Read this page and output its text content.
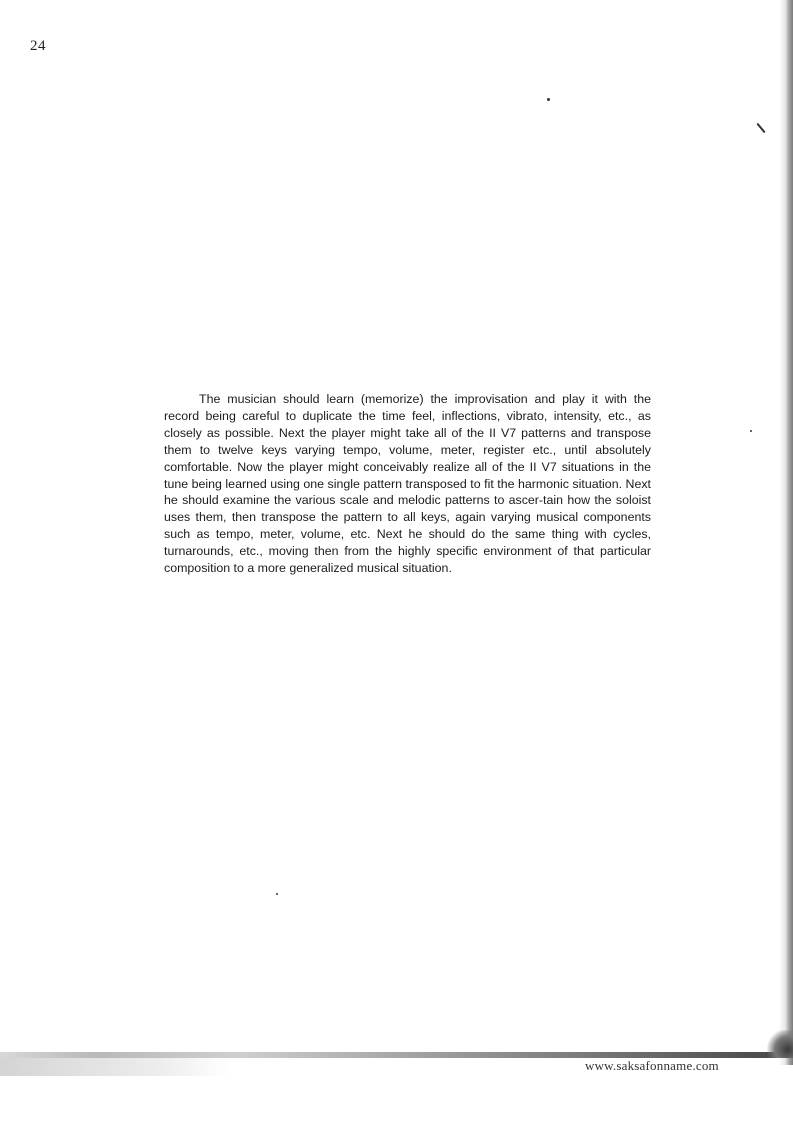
24

The musician should learn (memorize) the improvisation and play it with the record being careful to duplicate the time feel, inflections, vibrato, intensity, etc., as closely as possible. Next the player might take all of the II V7 patterns and transpose them to twelve keys varying tempo, volume, meter, register etc., until absolutely comfortable. Now the player might conceivably realize all of the II V7 situations in the tune being learned using one single pattern transposed to fit the harmonic situation. Next he should examine the various scale and melodic patterns to ascer-tain how the soloist uses them, then transpose the pattern to all keys, again varying musical components such as tempo, meter, volume, etc. Next he should do the same thing with cycles, turnarounds, etc., moving then from the highly specific environment of that particular composition to a more generalized musical situation.

www.saksafonname.com
